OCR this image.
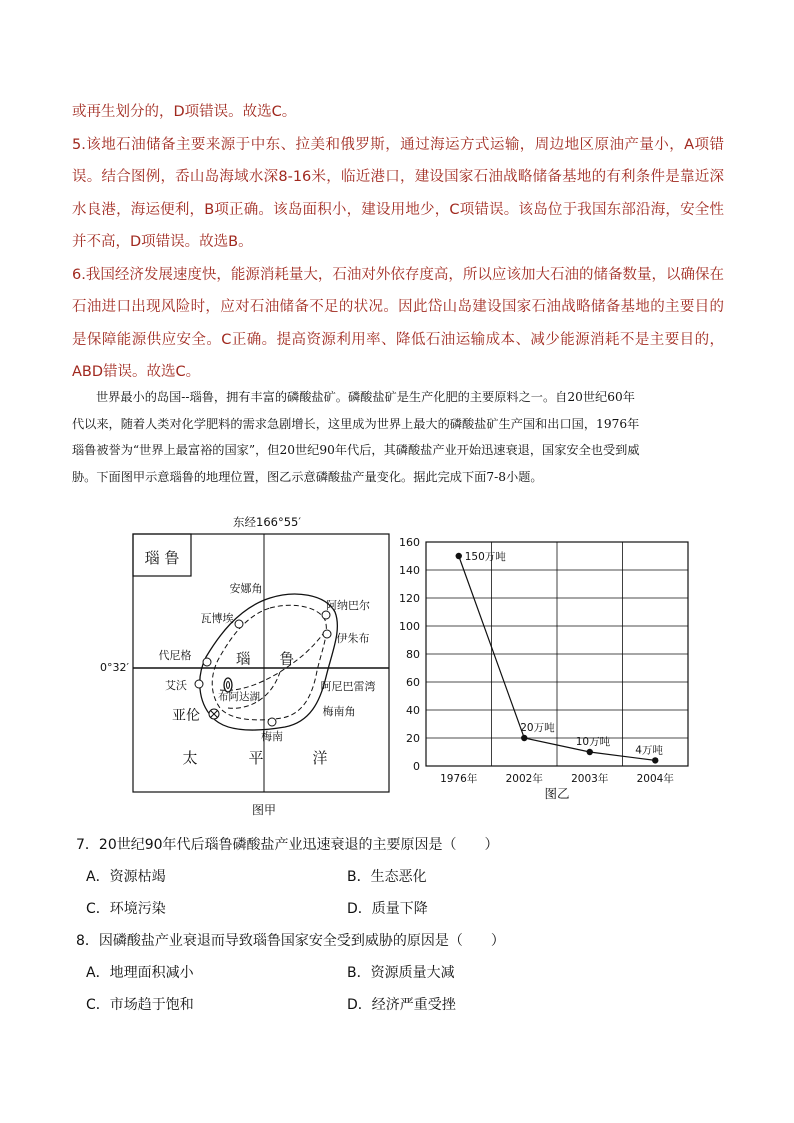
或再生划分的，D项错误。故选C。

5.该地石油储备主要来源于中东、拉美和俄罗斯，通过海运方式运输，周边地区原油产量小，A项错误。结合图例，岙山岛海域水深8-16米，临近港口，建设国家石油战略储备基地的有利条件是靠近深水良港，海运便利，B项正确。该岛面积小，建设用地少，C项错误。该岛位于我国东部沿海，安全性并不高，D项错误。故选B。

6.我国经济发展速度快，能源消耗量大，石油对外依存度高，所以应该加大石油的储备数量，以确保在石油进口出现风险时，应对石油储备不足的状况。因此岱山岛建设国家石油战略储备基地的主要目的是保障能源供应安全。C正确。提高资源利用率、降低石油运输成本、减少能源消耗不是主要目的，ABD错误。故选C。

世界最小的岛国--瑙鲁，拥有丰富的磷酸盐矿。磷酸盐矿是生产化肥的主要原料之一。自20世纪60年
代以来，随着人类对化学肥料的需求急剧增长，这里成为世界上最大的磷酸盐矿生产国和出口国，1976年
瑙鲁被誉为“世界上最富裕的国家”，但20世纪90年代后，其磷酸盐产业开始迅速衰退，国家安全也受到威
胁。下面图甲示意瑙鲁的地理位置，图乙示意磷酸盐产量变化。据此完成下面7-8小题。
东经166°55′
瑙 鲁
0°32′
安娜角
阿纳巴尔
伊朱布
瓦博埃
代尼格
阿尼巴雷湾
艾沃
布阿达湖
亚伦	梅南角
梅南
瑙　　鲁
太	平	洋
图甲
0
20
40
60
80
100
120
140
160
1976年	2002年	2003年	2004年
150万吨
20万吨
10万吨
4万吨
图乙
7．20世纪90年代后瑙鲁磷酸盐产业迅速衰退的主要原因是（　　）
A．资源枯竭	B．生态恶化
C．环境污染	D．质量下降
8．因磷酸盐产业衰退而导致瑙鲁国家安全受到威胁的原因是（　　）
A．地理面积减小	B．资源质量大减
C．市场趋于饱和	D．经济严重受挫
